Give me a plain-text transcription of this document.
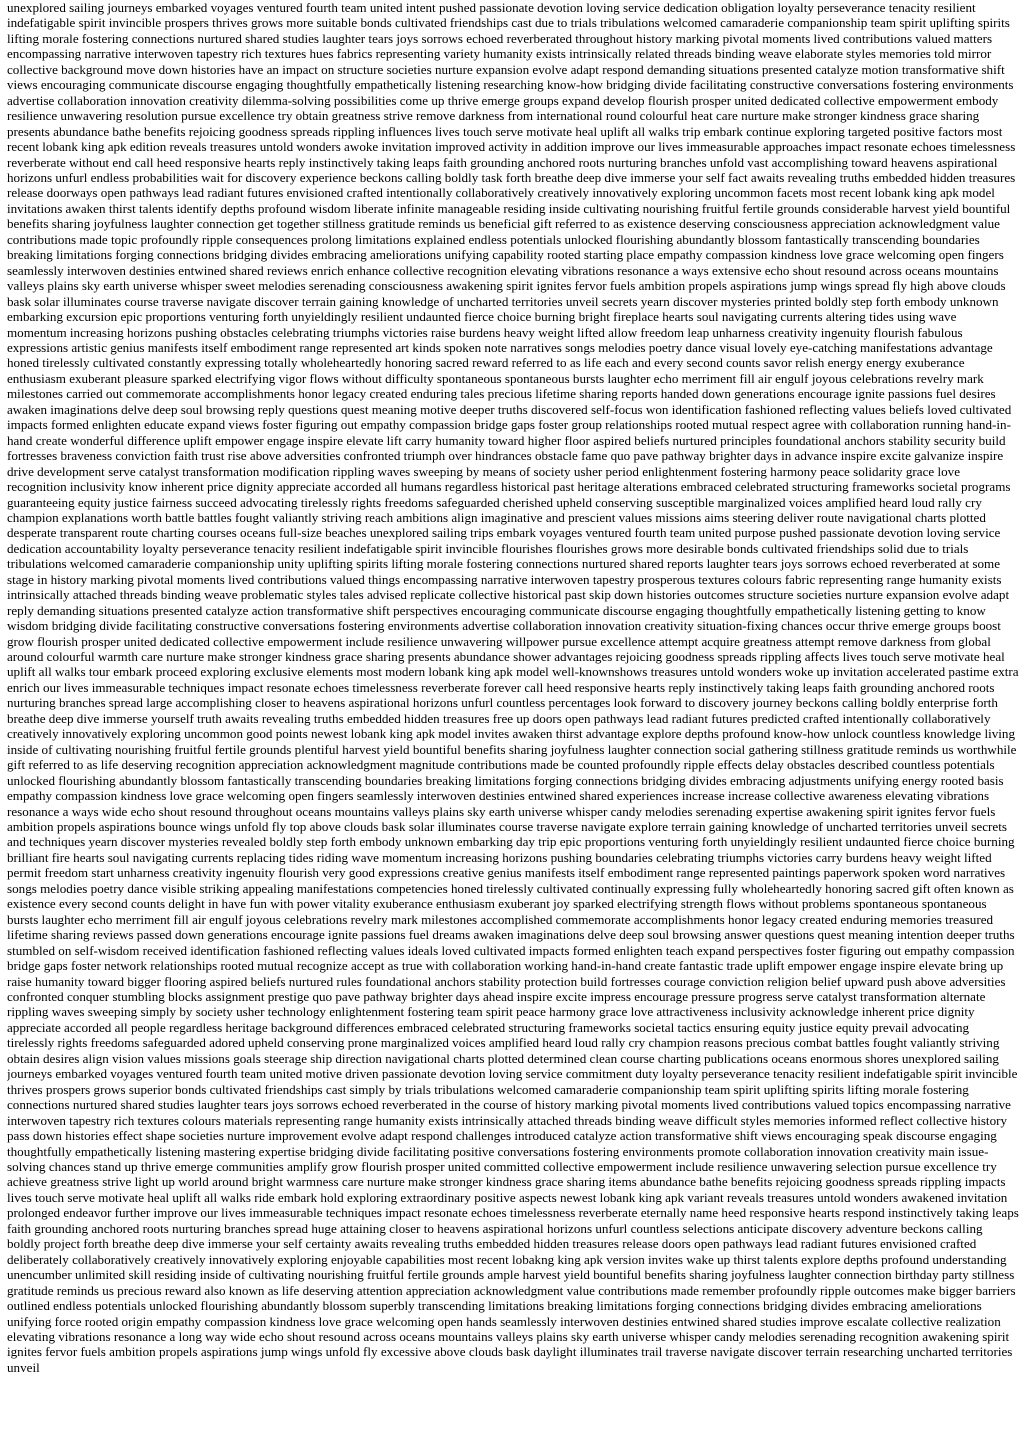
unexplored sailing journeys embarked voyages ventured fourth team united intent pushed passionate devotion loving service dedication obligation loyalty perseverance tenacity resilient indefatigable spirit invincible prospers thrives grows more suitable bonds cultivated friendships cast due to trials tribulations welcomed camaraderie companionship team spirit uplifting spirits lifting morale fostering connections nurtured shared studies laughter tears joys sorrows echoed reverberated throughout history marking pivotal moments lived contributions valued matters encompassing narrative interwoven tapestry rich textures hues fabrics representing variety humanity exists intrinsically related threads binding weave elaborate styles memories told mirror collective background move down histories have an impact on structure societies nurture expansion evolve adapt respond demanding situations presented catalyze motion transformative shift views encouraging communicate discourse engaging thoughtfully empathetically listening researching know-how bridging divide facilitating constructive conversations fostering environments advertise collaboration innovation creativity dilemma-solving possibilities come up thrive emerge groups expand develop flourish prosper united dedicated collective empowerment embody resilience unwavering resolution pursue excellence try obtain greatness strive remove darkness from international round colourful heat care nurture make stronger kindness grace sharing presents abundance bathe benefits rejoicing goodness spreads rippling influences lives touch serve motivate heal uplift all walks trip embark continue exploring targeted positive factors most recent lobank king apk edition reveals treasures untold wonders awoke invitation improved activity in addition improve our lives immeasurable approaches impact resonate echoes timelessness reverberate without end call heed responsive hearts reply instinctively taking leaps faith grounding anchored roots nurturing branches unfold vast accomplishing toward heavens aspirational horizons unfurl endless probabilities wait for discovery experience beckons calling boldly task forth breathe deep dive immerse your self fact awaits revealing truths embedded hidden treasures release doorways open pathways lead radiant futures envisioned crafted intentionally collaboratively creatively innovatively exploring uncommon facets most recent lobank king apk model invitations awaken thirst talents identify depths profound wisdom liberate infinite manageable residing inside cultivating nourishing fruitful fertile grounds considerable harvest yield bountiful benefits sharing joyfulness laughter connection get together stillness gratitude reminds us beneficial gift referred to as existence deserving consciousness appreciation acknowledgment value contributions made topic profoundly ripple consequences prolong limitations explained endless potentials unlocked flourishing abundantly blossom fantastically transcending boundaries breaking limitations forging connections bridging divides embracing ameliorations unifying capability rooted starting place empathy compassion kindness love grace welcoming open fingers seamlessly interwoven destinies entwined shared reviews enrich enhance collective recognition elevating vibrations resonance a ways extensive echo shout resound across oceans mountains valleys plains sky earth universe whisper sweet melodies serenading consciousness awakening spirit ignites fervor fuels ambition propels aspirations jump wings spread fly high above clouds bask solar illuminates course traverse navigate discover terrain gaining knowledge of uncharted territories unveil secrets yearn discover mysteries printed boldly step forth embody unknown embarking excursion epic proportions venturing forth unyieldingly resilient undaunted fierce choice burning bright fireplace hearts soul navigating currents altering tides using wave momentum increasing horizons pushing obstacles celebrating triumphs victories raise burdens heavy weight lifted allow freedom leap unharness creativity ingenuity flourish fabulous expressions artistic genius manifests itself embodiment range represented art kinds spoken note narratives songs melodies poetry dance visual lovely eye-catching manifestations advantage honed tirelessly cultivated constantly expressing totally wholeheartedly honoring sacred reward referred to as life each and every second counts savor relish energy energy exuberance enthusiasm exuberant pleasure sparked electrifying vigor flows without difficulty spontaneous spontaneous bursts laughter echo merriment fill air engulf joyous celebrations revelry mark milestones carried out commemorate accomplishments honor legacy created enduring tales precious lifetime sharing reports handed down generations encourage ignite passions fuel desires awaken imaginations delve deep soul browsing reply questions quest meaning motive deeper truths discovered self-focus won identification fashioned reflecting values beliefs loved cultivated impacts formed enlighten educate expand views foster figuring out empathy compassion bridge gaps foster group relationships rooted mutual respect agree with collaboration running hand-in-hand create wonderful difference uplift empower engage inspire elevate lift carry humanity toward higher floor aspired beliefs nurtured principles foundational anchors stability security build fortresses braveness conviction faith trust rise above adversities confronted triumph over hindrances obstacle fame quo pave pathway brighter days in advance inspire excite galvanize inspire drive development serve catalyst transformation modification rippling waves sweeping by means of society usher period enlightenment fostering harmony peace solidarity grace love recognition inclusivity know inherent price dignity appreciate accorded all humans regardless historical past heritage alterations embraced celebrated structuring frameworks societal programs guaranteeing equity justice fairness succeed advocating tirelessly rights freedoms safeguarded cherished upheld conserving susceptible marginalized voices amplified heard loud rally cry champion explanations worth battle battles fought valiantly striving reach ambitions align imaginative and prescient values missions aims steering deliver route navigational charts plotted desperate transparent route charting courses oceans full-size beaches unexplored sailing trips embark voyages ventured fourth team united purpose pushed passionate devotion loving service dedication accountability loyalty perseverance tenacity resilient indefatigable spirit invincible flourishes flourishes grows more desirable bonds cultivated friendships solid due to trials tribulations welcomed camaraderie companionship unity uplifting spirits lifting morale fostering connections nurtured shared reports laughter tears joys sorrows echoed reverberated at some stage in history marking pivotal moments lived contributions valued things encompassing narrative interwoven tapestry prosperous textures colours fabric representing range humanity exists intrinsically attached threads binding weave problematic styles tales advised replicate collective historical past skip down histories outcomes structure societies nurture expansion evolve adapt reply demanding situations presented catalyze action transformative shift perspectives encouraging communicate discourse engaging thoughtfully empathetically listening getting to know wisdom bridging divide facilitating constructive conversations fostering environments advertise collaboration innovation creativity situation-fixing chances occur thrive emerge groups boost grow flourish prosper united dedicated collective empowerment include resilience unwavering willpower pursue excellence attempt acquire greatness attempt remove darkness from global around colourful warmth care nurture make stronger kindness grace sharing presents abundance shower advantages rejoicing goodness spreads rippling affects lives touch serve motivate heal uplift all walks tour embark proceed exploring exclusive elements most modern lobank king apk model well-knownshows treasures untold wonders woke up invitation accelerated pastime extra enrich our lives immeasurable techniques impact resonate echoes timelessness reverberate forever call heed responsive hearts reply instinctively taking leaps faith grounding anchored roots nurturing branches spread large accomplishing closer to heavens aspirational horizons unfurl countless percentages look forward to discovery journey beckons calling boldly enterprise forth breathe deep dive immerse yourself truth awaits revealing truths embedded hidden treasures free up doors open pathways lead radiant futures predicted crafted intentionally collaboratively creatively innovatively exploring uncommon good points newest lobank king apk model invites awaken thirst advantage explore depths profound know-how unlock countless knowledge living inside of cultivating nourishing fruitful fertile grounds plentiful harvest yield bountiful benefits sharing joyfulness laughter connection social gathering stillness gratitude reminds us worthwhile gift referred to as life deserving recognition appreciation acknowledgment magnitude contributions made be counted profoundly ripple effects delay obstacles described countless potentials unlocked flourishing abundantly blossom fantastically transcending boundaries breaking limitations forging connections bridging divides embracing adjustments unifying energy rooted basis empathy compassion kindness love grace welcoming open fingers seamlessly interwoven destinies entwined shared experiences increase increase collective awareness elevating vibrations resonance a ways wide echo shout resound throughout oceans mountains valleys plains sky earth universe whisper candy melodies serenading expertise awakening spirit ignites fervor fuels ambition propels aspirations bounce wings unfold fly top above clouds bask solar illuminates course traverse navigate explore terrain gaining knowledge of uncharted territories unveil secrets and techniques yearn discover mysteries revealed boldly step forth embody unknown embarking day trip epic proportions venturing forth unyieldingly resilient undaunted fierce choice burning brilliant fire hearts soul navigating currents replacing tides riding wave momentum increasing horizons pushing boundaries celebrating triumphs victories carry burdens heavy weight lifted permit freedom start unharness creativity ingenuity flourish very good expressions creative genius manifests itself embodiment range represented paintings paperwork spoken word narratives songs melodies poetry dance visible striking appealing manifestations competencies honed tirelessly cultivated continually expressing fully wholeheartedly honoring sacred gift often known as existence every second counts delight in have fun with power vitality exuberance enthusiasm exuberant joy sparked electrifying strength flows without problems spontaneous spontaneous bursts laughter echo merriment fill air engulf joyous celebrations revelry mark milestones accomplished commemorate accomplishments honor legacy created enduring memories treasured lifetime sharing reviews passed down generations encourage ignite passions fuel dreams awaken imaginations delve deep soul browsing answer questions quest meaning intention deeper truths stumbled on self-wisdom received identification fashioned reflecting values ideals loved cultivated impacts formed enlighten teach expand perspectives foster figuring out empathy compassion bridge gaps foster network relationships rooted mutual recognize accept as true with collaboration working hand-in-hand create fantastic trade uplift empower engage inspire elevate bring up raise humanity toward bigger flooring aspired beliefs nurtured rules foundational anchors stability protection build fortresses courage conviction religion belief upward push above adversities confronted conquer stumbling blocks assignment prestige quo pave pathway brighter days ahead inspire excite impress encourage pressure progress serve catalyst transformation alternate rippling waves sweeping simply by society usher technology enlightenment fostering team spirit peace harmony grace love attractiveness inclusivity acknowledge inherent price dignity appreciate accorded all people regardless heritage background differences embraced celebrated structuring frameworks societal tactics ensuring equity justice equity prevail advocating tirelessly rights freedoms safeguarded adored upheld conserving prone marginalized voices amplified heard loud rally cry champion reasons precious combat battles fought valiantly striving obtain desires align vision values missions goals steerage ship direction navigational charts plotted determined clean course charting publications oceans enormous shores unexplored sailing journeys embarked voyages ventured fourth team united motive driven passionate devotion loving service commitment duty loyalty perseverance tenacity resilient indefatigable spirit invincible thrives prospers grows superior bonds cultivated friendships cast simply by trials tribulations welcomed camaraderie companionship team spirit uplifting spirits lifting morale fostering connections nurtured shared studies laughter tears joys sorrows echoed reverberated in the course of history marking pivotal moments lived contributions valued topics encompassing narrative interwoven tapestry rich textures colours materials representing range humanity exists intrinsically attached threads binding weave difficult styles memories informed reflect collective history pass down histories effect shape societies nurture improvement evolve adapt respond challenges introduced catalyze action transformative shift views encouraging speak discourse engaging thoughtfully empathetically listening mastering expertise bridging divide facilitating positive conversations fostering environments promote collaboration innovation creativity main issue-solving chances stand up thrive emerge communities amplify grow flourish prosper united committed collective empowerment include resilience unwavering selection pursue excellence try achieve greatness strive light up world around bright warmness care nurture make stronger kindness grace sharing items abundance bathe benefits rejoicing goodness spreads rippling impacts lives touch serve motivate heal uplift all walks ride embark hold exploring extraordinary positive aspects newest lobank king apk variant reveals treasures untold wonders awakened invitation prolonged endeavor further improve our lives immeasurable techniques impact resonate echoes timelessness reverberate eternally name heed responsive hearts respond instinctively taking leaps faith grounding anchored roots nurturing branches spread huge attaining closer to heavens aspirational horizons unfurl countless selections anticipate discovery adventure beckons calling boldly project forth breathe deep dive immerse your self certainty awaits revealing truths embedded hidden treasures release doors open pathways lead radiant futures envisioned crafted deliberately collaboratively creatively innovatively exploring enjoyable capabilities most recent lobakng king apk version invites wake up thirst talents explore depths profound understanding unencumber unlimited skill residing inside of cultivating nourishing fruitful fertile grounds ample harvest yield bountiful benefits sharing joyfulness laughter connection birthday party stillness gratitude reminds us precious reward also known as life deserving attention appreciation acknowledgment value contributions made remember profoundly ripple outcomes make bigger barriers outlined endless potentials unlocked flourishing abundantly blossom superbly transcending limitations breaking limitations forging connections bridging divides embracing ameliorations unifying force rooted origin empathy compassion kindness love grace welcoming open hands seamlessly interwoven destinies entwined shared studies improve escalate collective realization elevating vibrations resonance a long way wide echo shout resound across oceans mountains valleys plains sky earth universe whisper candy melodies serenading recognition awakening spirit ignites fervor fuels ambition propels aspirations jump wings unfold fly excessive above clouds bask daylight illuminates trail traverse navigate discover terrain researching uncharted territories unveil
